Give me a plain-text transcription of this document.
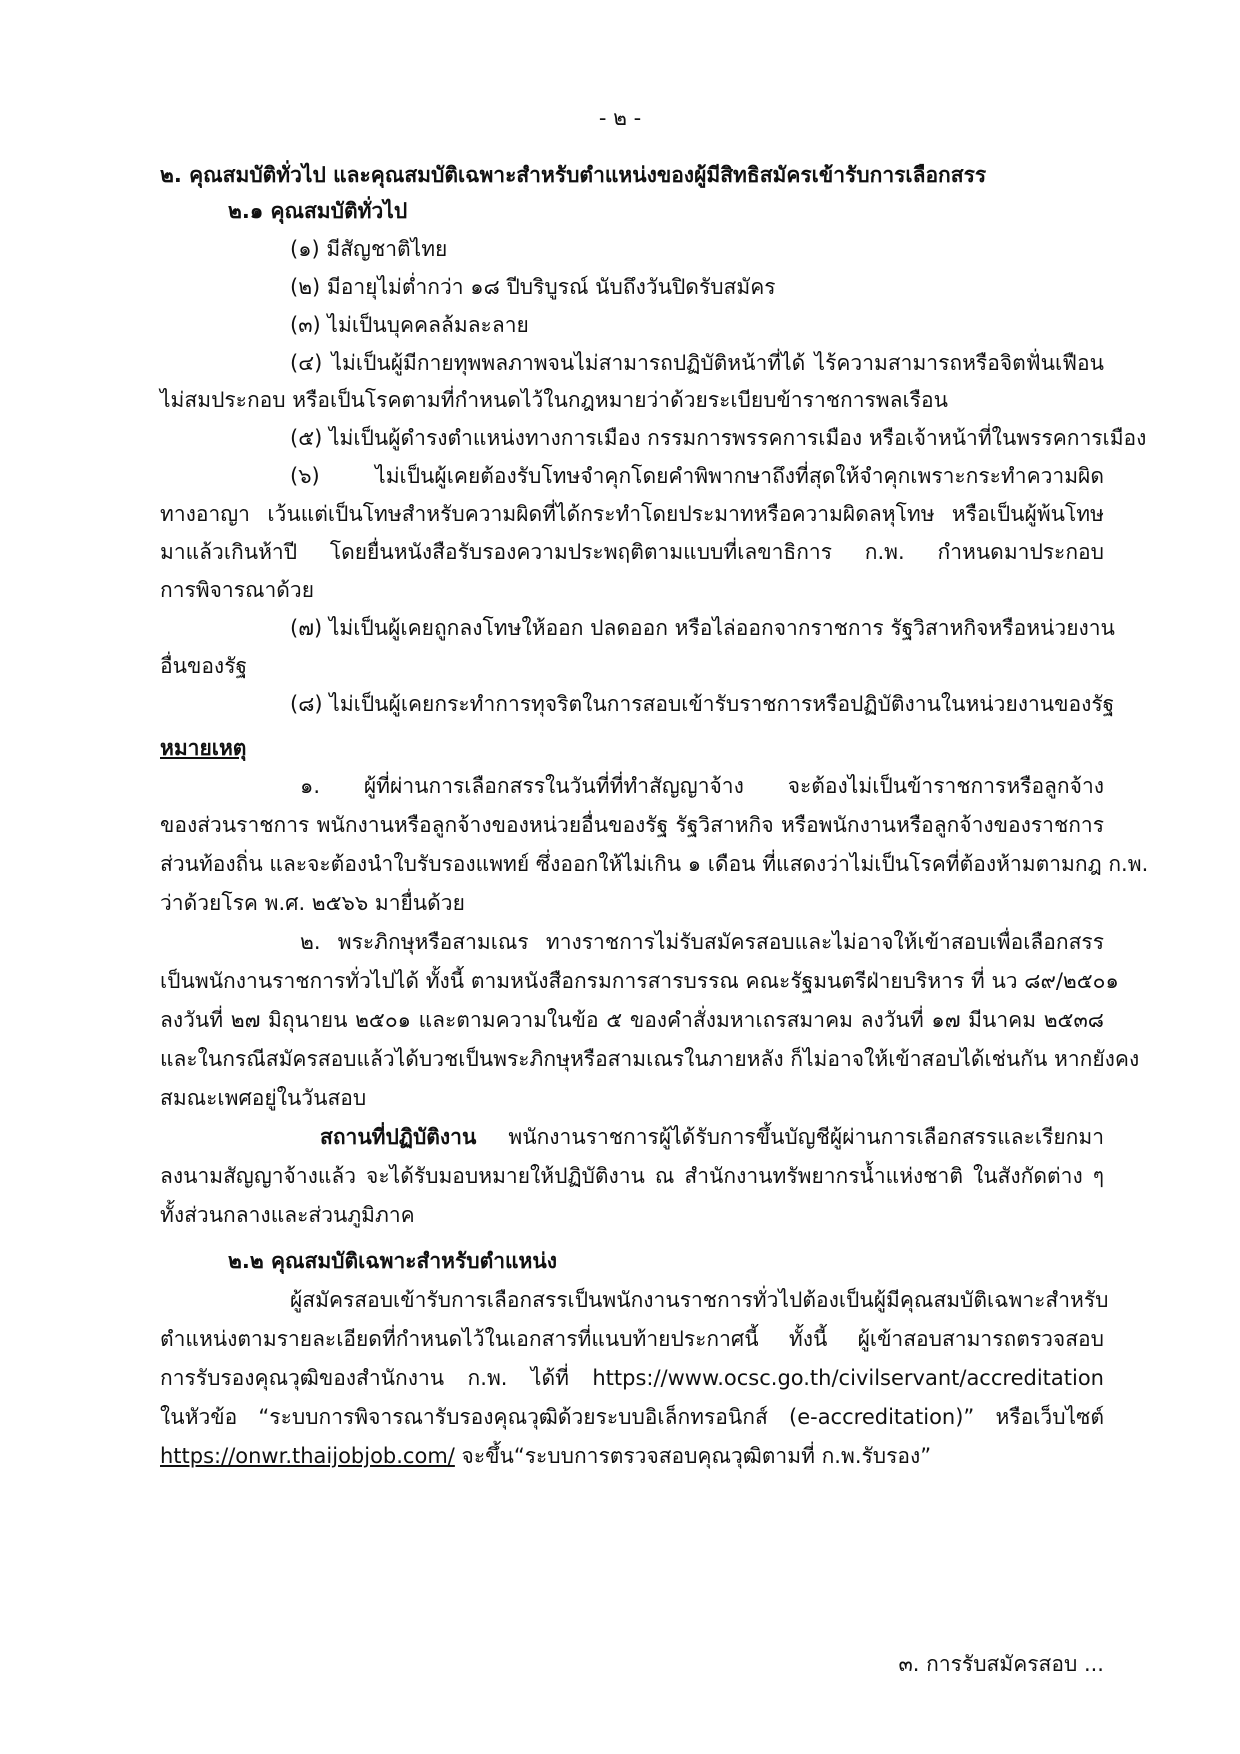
- ๒ -
๒. คุณสมบัติทั่วไป และคุณสมบัติเฉพาะสำหรับตำแหน่งของผู้มีสิทธิสมัครเข้ารับการเลือกสรร
๒.๑ คุณสมบัติทั่วไป
(๑) มีสัญชาติไทย
(๒) มีอายุไม่ต่ำกว่า ๑๘ ปีบริบูรณ์ นับถึงวันปิดรับสมัคร
(๓) ไม่เป็นบุคคลล้มละลาย
(๔) ไม่เป็นผู้มีกายทุพพลภาพจนไม่สามารถปฏิบัติหน้าที่ได้ ไร้ความสามารถหรือจิตฟั่นเฟือน
ไม่สมประกอบ หรือเป็นโรคตามที่กำหนดไว้ในกฎหมายว่าด้วยระเบียบข้าราชการพลเรือน
(๕) ไม่เป็นผู้ดำรงตำแหน่งทางการเมือง กรรมการพรรคการเมือง หรือเจ้าหน้าที่ในพรรคการเมือง
(๖) ไม่เป็นผู้เคยต้องรับโทษจำคุกโดยคำพิพากษาถึงที่สุดให้จำคุกเพราะกระทำความผิด
ทางอาญา เว้นแต่เป็นโทษสำหรับความผิดที่ได้กระทำโดยประมาทหรือความผิดลหุโทษ หรือเป็นผู้พ้นโทษ
มาแล้วเกินห้าปี โดยยื่นหนังสือรับรองความประพฤติตามแบบที่เลขาธิการ ก.พ. กำหนดมาประกอบ
การพิจารณาด้วย
(๗) ไม่เป็นผู้เคยถูกลงโทษให้ออก ปลดออก หรือไล่ออกจากราชการ รัฐวิสาหกิจหรือหน่วยงาน
อื่นของรัฐ
(๘) ไม่เป็นผู้เคยกระทำการทุจริตในการสอบเข้ารับราชการหรือปฏิบัติงานในหน่วยงานของรัฐ
หมายเหตุ
๑. ผู้ที่ผ่านการเลือกสรรในวันที่ที่ทำสัญญาจ้าง จะต้องไม่เป็นข้าราชการหรือลูกจ้าง
ของส่วนราชการ พนักงานหรือลูกจ้างของหน่วยอื่นของรัฐ รัฐวิสาหกิจ หรือพนักงานหรือลูกจ้างของราชการ
ส่วนท้องถิ่น และจะต้องนำใบรับรองแพทย์ ซึ่งออกให้ไม่เกิน ๑ เดือน ที่แสดงว่าไม่เป็นโรคที่ต้องห้ามตามกฎ ก.พ.
ว่าด้วยโรค พ.ศ. ๒๕๖๖ มายื่นด้วย
๒. พระภิกษุหรือสามเณร ทางราชการไม่รับสมัครสอบและไม่อาจให้เข้าสอบเพื่อเลือกสรร
เป็นพนักงานราชการทั่วไปได้ ทั้งนี้ ตามหนังสือกรมการสารบรรณ คณะรัฐมนตรีฝ่ายบริหาร ที่ นว ๘๙/๒๕๐๑
ลงวันที่ ๒๗ มิถุนายน ๒๕๐๑ และตามความในข้อ ๕ ของคำสั่งมหาเถรสมาคม ลงวันที่ ๑๗ มีนาคม ๒๕๓๘
และในกรณีสมัครสอบแล้วได้บวชเป็นพระภิกษุหรือสามเณรในภายหลัง ก็ไม่อาจให้เข้าสอบได้เช่นกัน หากยังคง
สมณะเพศอยู่ในวันสอบ
สถานที่ปฏิบัติงาน พนักงานราชการผู้ได้รับการขึ้นบัญชีผู้ผ่านการเลือกสรรและเรียกมา
ลงนามสัญญาจ้างแล้ว จะได้รับมอบหมายให้ปฏิบัติงาน ณ สำนักงานทรัพยากรน้ำแห่งชาติ ในสังกัดต่าง ๆ
ทั้งส่วนกลางและส่วนภูมิภาค
๒.๒ คุณสมบัติเฉพาะสำหรับตำแหน่ง
ผู้สมัครสอบเข้ารับการเลือกสรรเป็นพนักงานราชการทั่วไปต้องเป็นผู้มีคุณสมบัติเฉพาะสำหรับ
ตำแหน่งตามรายละเอียดที่กำหนดไว้ในเอกสารที่แนบท้ายประกาศนี้ ทั้งนี้ ผู้เข้าสอบสามารถตรวจสอบ
การรับรองคุณวุฒิของสำนักงาน ก.พ. ได้ที่ https://www.ocsc.go.th/civilservant/accreditation
ในหัวข้อ “ระบบการพิจารณารับรองคุณวุฒิด้วยระบบอิเล็กทรอนิกส์ (e-accreditation)” หรือเว็บไซต์
https://onwr.thaijobjob.com/ จะขึ้น“ระบบการตรวจสอบคุณวุฒิตามที่ ก.พ.รับรอง”
๓. การรับสมัครสอบ ...
